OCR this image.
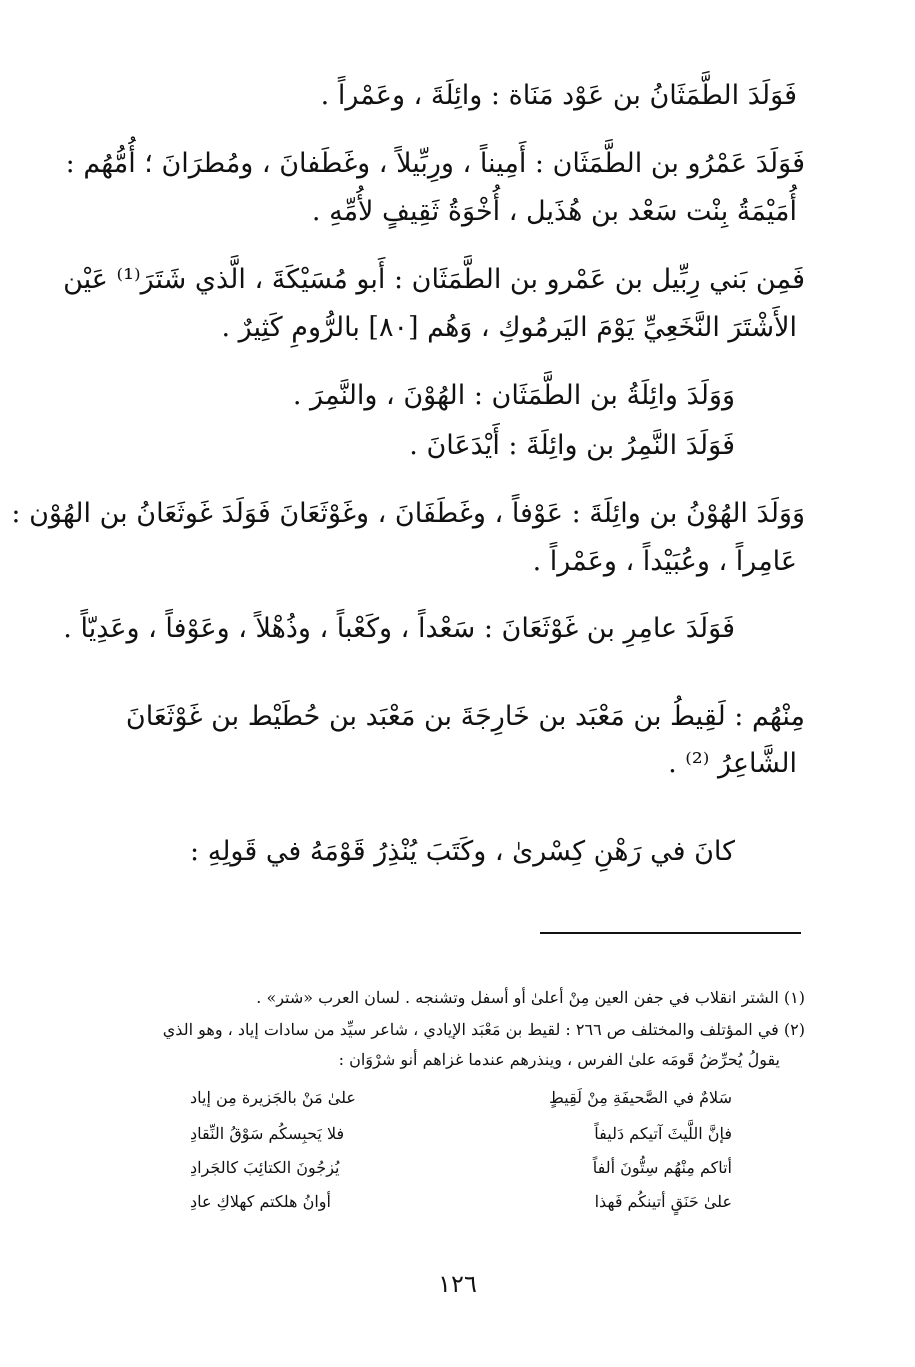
فَوَلَدَ الطَّمَثَانُ بن عَوْد مَنَاة : وائِلَةَ ، وعَمْراً .
فَوَلَدَ عَمْرُو بن الطَّمَثَان : أَمِيناً ، ورِبِّيلاً ، وغَطَفانَ ، ومُطرَانَ ؛ أُمُّهُم :
أُمَيْمَةُ بِنْت سَعْد بن هُذَيل ، أُخْوَةُ ثَقِيفٍ لأُمِّهِ .
فَمِن بَني رِبِّيل بن عَمْرو بن الطَّمَثَان : أَبو مُسَيْكَةَ ، الَّذي شَتَرَ⁽¹⁾ عَيْن
الأَشْتَرَ النَّخَعِيِّ يَوْمَ اليَرمُوكِ ، وَهُم [٨٠] بالرُّومِ كَثِيرٌ .
وَوَلَدَ وائِلَةُ بن الطَّمَثَان : الهُوْنَ ، والنَّمِرَ .
فَوَلَدَ النَّمِرُ بن وائِلَةَ : أَيْدَعَانَ .
وَوَلَدَ الهُوْنُ بن وائِلَةَ : عَوْفاً ، وغَطَفَانَ ، وغَوْثَعَانَ فَوَلَدَ غَوثَعَانُ بن الهُوْن :
عَامِراً ، وعُبَيْداً ، وعَمْراً .
فَوَلَدَ عامِرِ بن غَوْثَعَانَ : سَعْداً ، وكَعْباً ، وذُهْلاً ، وعَوْفاً ، وعَدِيّاً .
مِنْهُم : لَقِيطُ بن مَعْبَد بن خَارِجَةَ بن مَعْبَد بن حُطَيْط بن غَوْثَعَانَ
الشَّاعِرُ ⁽²⁾ .
كانَ في رَهْنِ كِسْرىٰ ، وكَتَبَ يُنْذِرُ قَوْمَهُ في قَولِهِ :
(١) الشتر انقلاب في جفن العين مِنْ أعلىٰ أو أسفل وتشنجه . لسان العرب «شتر» .
(٢) في المؤتلف والمختلف ص ٢٦٦ : لقيط بن مَعْبَد الإيادي ، شاعر سيِّد من سادات إياد ، وهو الذي
يقولُ يُحرِّضُ قَومَه علىٰ الفرس ، وينذرهم عندما غزاهم أنو شرْوَان :
سَلامٌ في الصَّحيفَةِ مِنْ لَقِيطٍ
علىٰ مَنْ بالجَزيرة مِن إياد
فإنَّ اللَّيثَ آتيكم دَليفاً
فلا يَحبِسكُم سَوْقُ النِّقادِ
أتاكم مِنْهُم سِتُّونَ ألفاً
يُزجُونَ الكتائِبَ كالجَرادِ
علىٰ حَنَقٍ أتينكُم فَهذا
أوانُ هلكتم كهلاكِ عادِ
١٢٦
